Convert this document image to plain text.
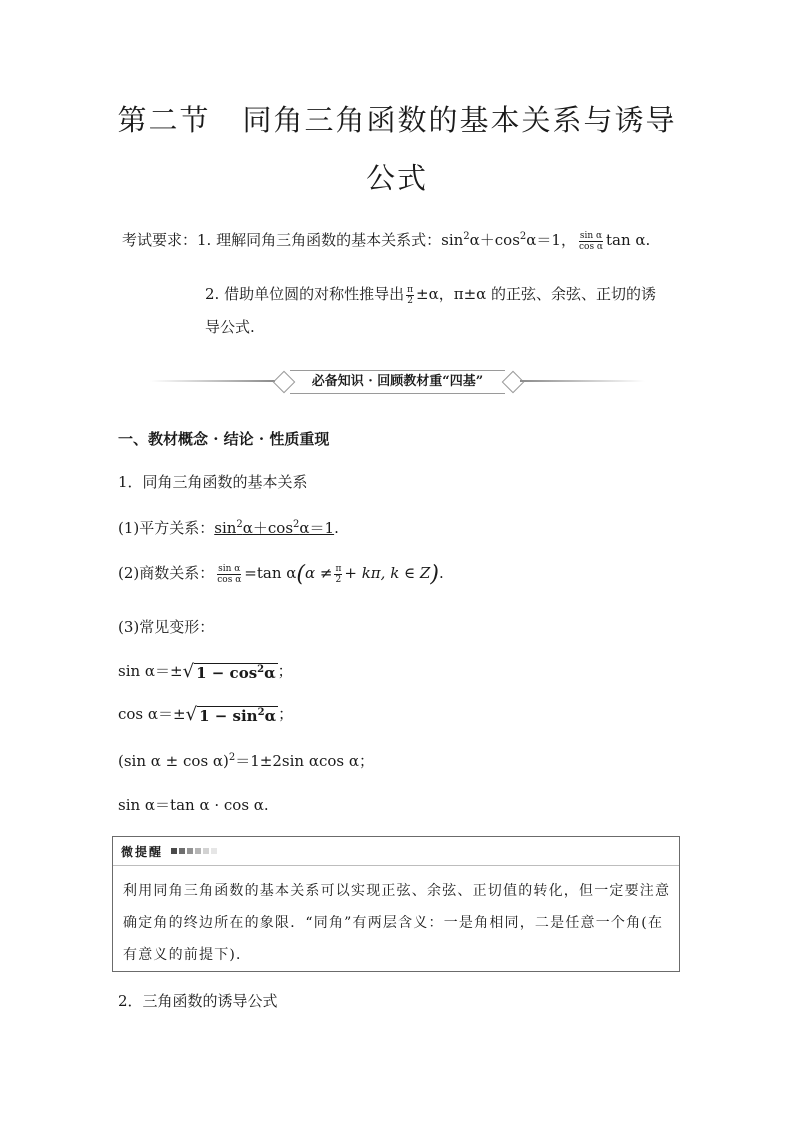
第二节 同角三角函数的基本关系与诱导
公式
考试要求：1. 理解同角三角函数的基本关系式：$\sin^2\alpha+\cos^2\alpha=1$， $\frac{\text{sin α}}{\text{cos α}}$ tan α.
2. 借助单位圆的对称性推导出 $\frac{\pi}{2} \pm\alpha$，π±α 的正弦、余弦、正切的诱
导公式.
必备知识 · 回顾教材重“四基”
一、教材概念 · 结论 · 性质重现
1．同角三角函数的基本关系
(1)平方关系：$\sin^2\alpha+\cos^2\alpha=1$.
(2)商数关系： $\frac{\text{sin α}}{\text{cos α}} =\tan$ $\alpha(\alpha \ne \frac{\pi}{2} + k\pi$, k ∈ Z).
(3)常见变形：
sin α＝± √ $1 - \cos^2\alpha$ ；
cos α＝± √ $1 - \sin^2\alpha$ ；
(sin α ± cos α)$^2$＝1±2sin αcos α；
sin α＝tan α · cos α.
微提醒
利用同角三角函数的基本关系可以实现正弦、余弦、正切值的转化，但一定要注意确定角的终边所在的象限．“同角”有两层含义：一是角相同，二是任意一个角(在有意义的前提下)．
2．三角函数的诱导公式
